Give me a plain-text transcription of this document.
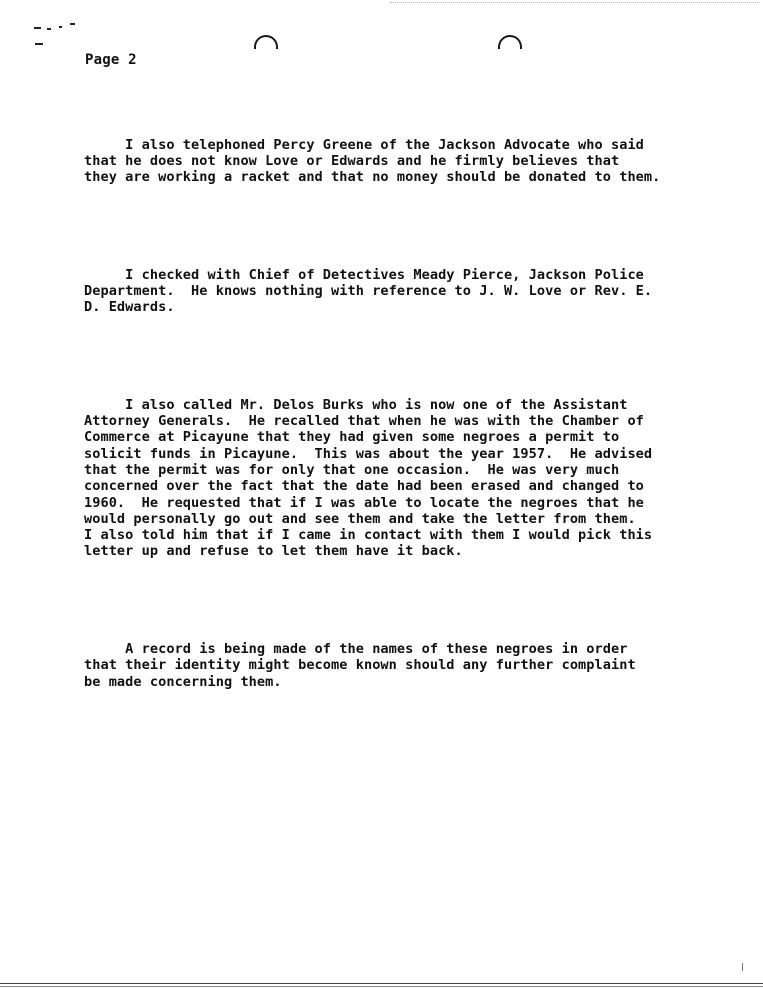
Page 2

I also telephoned Percy Greene of the Jackson Advocate who said
that he does not know Love or Edwards and he firmly believes that
they are working a racket and that no money should be donated to them.

I checked with Chief of Detectives Meady Pierce, Jackson Police
Department.  He knows nothing with reference to J. W. Love or Rev. E.
D. Edwards.

I also called Mr. Delos Burks who is now one of the Assistant
Attorney Generals.  He recalled that when he was with the Chamber of
Commerce at Picayune that they had given some negroes a permit to
solicit funds in Picayune.  This was about the year 1957.  He advised
that the permit was for only that one occasion.  He was very much
concerned over the fact that the date had been erased and changed to
1960.  He requested that if I was able to locate the negroes that he
would personally go out and see them and take the letter from them.
I also told him that if I came in contact with them I would pick this
letter up and refuse to let them have it back.

A record is being made of the names of these negroes in order
that their identity might become known should any further complaint
be made concerning them.
